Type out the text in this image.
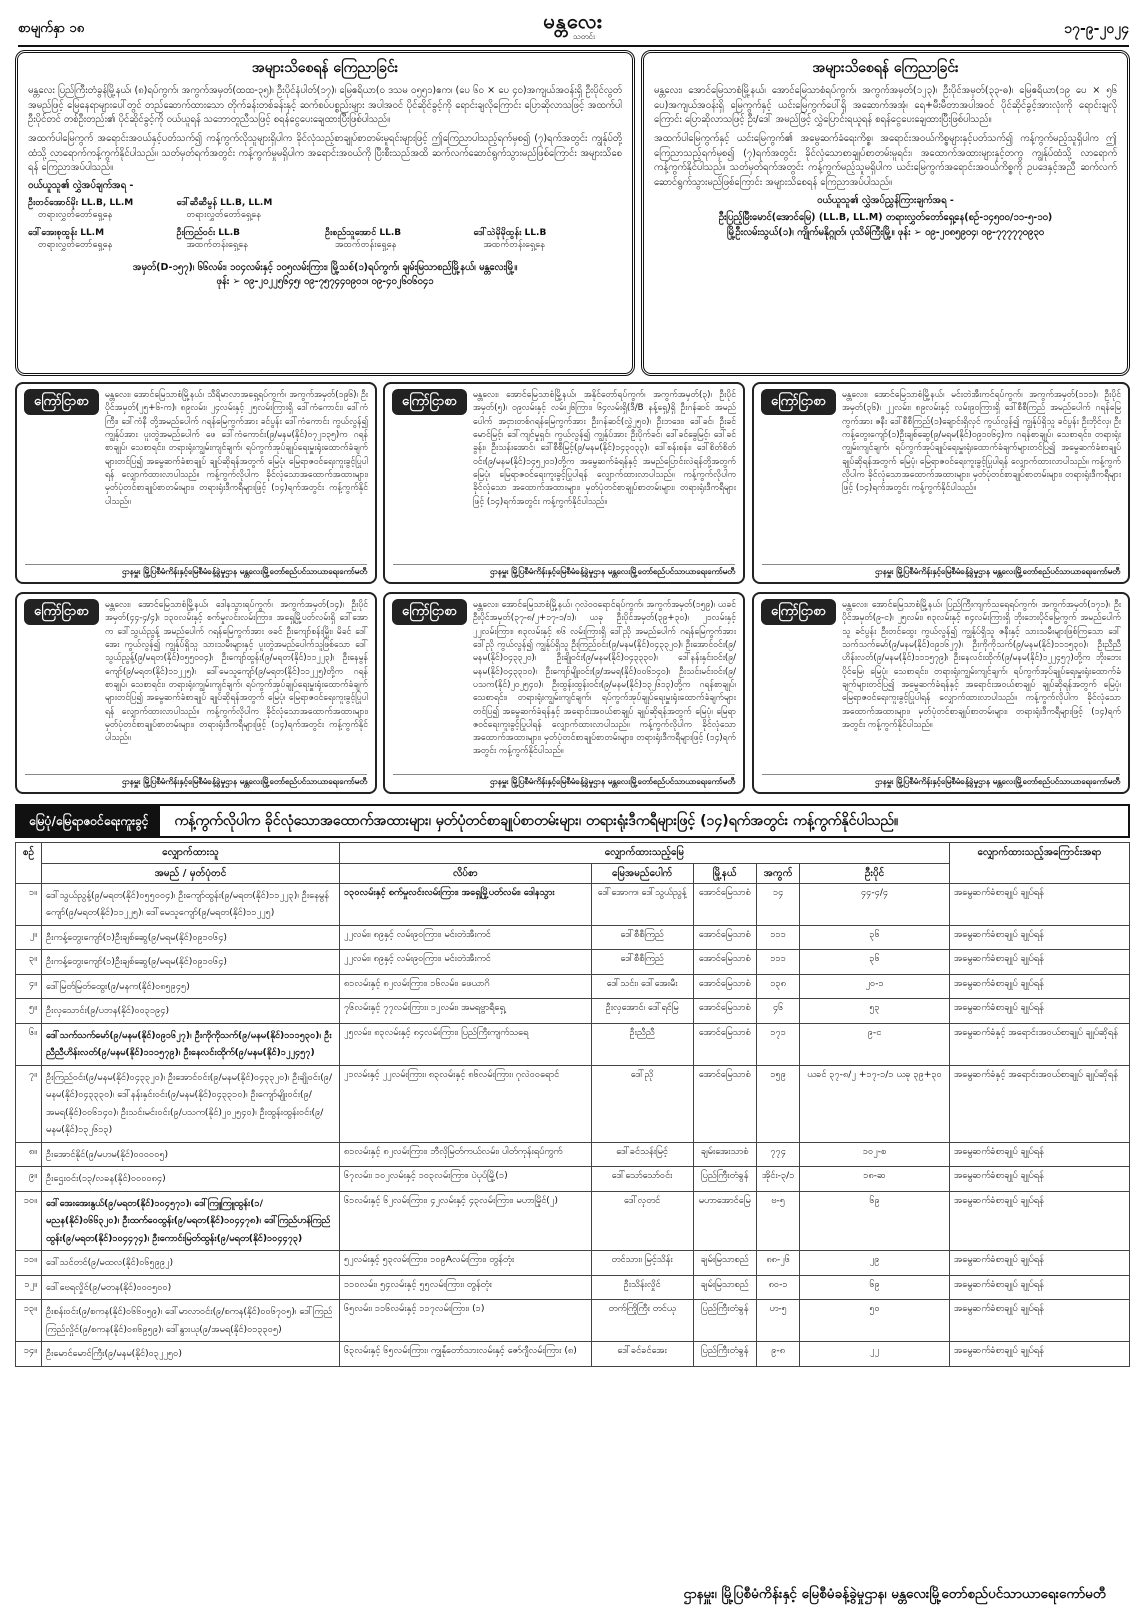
စာမျက်နှာ ၁၈	မန္တလေး
သတင်း	၁၇-၉-၂၀၂၄
အများသိစေရန် ကြေညာခြင်း

မန္တလေး ပြည်ကြီးတံခွန်မြို့နယ်၊ (၈)ရပ်ကွက်၊ အကွက်အမှတ်(ထထ-၃၅)၊ ဦးပိုင်နံပါတ်(၁၇)၊ မြေဧရိယာ(၀ ဒသမ ၀၅၅၁)ဧက၊ (ပေ ၆၀ × ပေ ၄၀)အကျယ်အဝန်းရှိ ဦးပိုင်လွတ် အမည်ဖြင့် မြေနေရာများပေါ်တွင် တည်ဆောက်ထားသော တိုက်ခန်းတစ်ခန်းနှင့် ဆက်စပ်ပစ္စည်းများ အပါအဝင် ပိုင်ဆိုင်ခွင့်ကို ရောင်းချလိုကြောင်း ပြောဆိုလာသဖြင့် အထက်ပါ ဦးပိုင်တင် တစ်ဦးတည်း၏ ပိုင်ဆိုင်ခွင့်ကို ဝယ်ယူရန် သဘောတူညီသဖြင့် စရန်ငွေပေးချေထားပြီးဖြစ်ပါသည်။

အထက်ပါမြေကွက် အရောင်းအဝယ်နှင့်ပတ်သက်၍ ကန့်ကွက်လိုသူများရှိပါက ခိုင်လုံသည့်စာချုပ်စာတမ်းမူရင်းများဖြင့် ဤကြေညာပါသည့်ရက်မှစ၍ (၇)ရက်အတွင်း ကျွန်ုပ်တို့ထံသို့ လာရောက်ကန့်ကွက်နိုင်ပါသည်။ သတ်မှတ်ရက်အတွင်း ကန့်ကွက်မှုမရှိပါက အရောင်းအဝယ်ကို ပြီးစီးသည်အထိ ဆက်လက်ဆောင်ရွက်သွားမည်ဖြစ်ကြောင်း အများသိစေရန် ကြေညာအပ်ပါသည်။

ဝယ်ယူသူ၏ လွှဲအပ်ချက်အရ -
ဦးတင်အောင်မိုး LL.B, LL.M
တရားလွှတ်တော်ရှေ့နေ
ဒေါ်ဆီဆီမွန် LL.B, LL.M
တရားလွှတ်တော်ရှေ့နေ
ဒေါ်အေးစုထွန်း LL.M
တရားလွှတ်တော်ရှေ့နေ
ဦးကြည်ဝင်း LL.B
အထက်တန်းရှေ့နေ
ဦးစည်သူအောင် LL.B
အထက်တန်းရှေ့နေ
ဒေါ်သဲမိုမိုထွန်း LL.B
အထက်တန်းရှေ့နေ
အမှတ်(D-၁၅၇)၊ ၆၆လမ်း၊ ၁၀၄လမ်းနှင့် ၁၀၅လမ်းကြား၊ မြို့သစ်(၁)ရပ်ကွက်၊ ချမ်းမြသာစည်မြို့နယ်၊ မန္တလေးမြို့။
ဖုန်း ➢ ၀၉-၂၀၂၂၅၆၄၅၊ ၀၉-၇၅၇၄၄၀၉၀၁၊ ၀၉-၄၀၂၆၀၆၀၄၁
အများသိစေရန် ကြေညာခြင်း

မန္တလေး၊ အောင်မြေသာစံမြို့နယ်၊ အောင်မြေသာစံရပ်ကွက်၊ အကွက်အမှတ်(၁၂၃)၊ ဦးပိုင်အမှတ်(၃၃-ဓ)၊ မြေဧရိယာ(၁၉ ပေ × ၅၆ ပေ)အကျယ်အဝန်းရှိ မြေကွက်နှင့် ယင်းမြေကွက်ပေါ်ရှိ အဆောက်အအုံ၊ ရေ+မီးမီတာအပါအဝင် ပိုင်ဆိုင်ခွင့်အားလုံးကို ရောင်းချလိုကြောင်း ပြောဆိုလာသဖြင့် ဦး/ဒေါ် အမည်ဖြင့် လွှဲပြောင်းရယူရန် စရန်ငွေပေးချေထားပြီးဖြစ်ပါသည်။

အထက်ပါမြေကွက်နှင့် ယင်းမြေကွက်၏ အမွေဆက်ခံရေးကိစ္စ၊ အရောင်းအဝယ်ကိစ္စများနှင့်ပတ်သက်၍ ကန့်ကွက်မည့်သူရှိပါက ဤကြေညာသည့်ရက်မှစ၍ (၇)ရက်အတွင်း ခိုင်လုံသောစာချုပ်စာတမ်းမူရင်း၊ အထောက်အထားများနှင့်တကွ ကျွန်ုပ်ထံသို့ လာရောက်ကန့်ကွက်နိုင်ပါသည်။ သတ်မှတ်ရက်အတွင်း ကန့်ကွက်မည့်သူမရှိပါက ယင်းမြေကွက်အရောင်းအဝယ်ကိစ္စကို ဥပဒေနှင့်အညီ ဆက်လက်ဆောင်ရွက်သွားမည်ဖြစ်ကြောင်း အများသိစေရန် ကြေညာအပ်ပါသည်။

ဝယ်ယူသူ၏ လွှဲအပ်ညွှန်ကြားချက်အရ -
ဦးပြည့်မြီးမောင်(အောင်မြေ) (LL.B, LL.M) တရားလွှတ်တော်ရှေ့နေ(စဉ်-၁၄၅၀၀/၁၁-၅-၁၀)
မြို့ဦးလမ်းသွယ်(၁)၊ ကျိုက်မနိုဂ္ဂုတ်၊ ပုသိမ်ကြီးမြို့။ ဖုန်း ➢ ၀၉-၂၀၈၅၉၀၄၊ ၀၉-၇၇၇၇၇၀၉၃၀
ကြော်ငြာစာ	မန္တလေး၊ အောင်မြေသာစံမြို့နယ်၊ သီရိမာလာအရှေ့ရပ်ကွက်၊ အကွက်အမှတ်(၁၉၆)၊ ဦးပိုင်အမှတ်(၂၅+၆-က)၊ ၈၉လမ်း၊ ၂၄လမ်းနှင့် ၂၅လမ်းကြားရှိ ဒေါ်ကံကောင်း၊ ဒေါ်ကံကြီး၊ ဒေါ်ကံနီ တို့အမည်ပေါက် ဂရန်မြေကွက်အား ခင်ပွန်း ဒေါ်ကံကောင်း ကွယ်လွန်၍ ကျွန်ုပ်အား ပူးတွဲအမည်ပေါက် ဖေ ဒေါ်ကံကောင်း(၉/မနမ(နိုင်)၀၇၂၁၃၅)က ဂရန်စာချုပ်၊ သေစာရင်း၊ တရားရုံးကျွမ်းကျင်ချက်၊ ရပ်ကွက်အုပ်ချုပ်ရေးမှူးရုံးထောက်ခံချက်များတင်ပြ၍ အမွေဆက်ခံစာချုပ် ချုပ်ဆိုရန်အတွက် မြေပုံ၊ မြေရာဇဝင်ရေးကူးခွင့်ပြုပါရန် လျှောက်ထားလာပါသည်။ ကန့်ကွက်လိုပါက ခိုင်လုံသောအထောက်အထားများ၊ မှတ်ပုံတင်စာချုပ်စာတမ်းများ၊ တရားရုံးဒီကရီများဖြင့် (၁၄)ရက်အတွင်း ကန့်ကွက်နိုင်ပါသည်။
ဌာနမှူး မြို့ပြစီမံကိန်းနှင့်မြေစီမံခန့်ခွဲမှုဌာန မန္တလေးမြို့တော်စည်ပင်သာယာရေးကော်မတီ
ကြော်ငြာစာ	မန္တလေး၊ အောင်မြေသာစံမြို့နယ်၊ အနိုင်တော်ရပ်ကွက်၊ အကွက်အမှတ်(၃)၊ ဦးပိုင်အမှတ်(၅)၊ ၀၉လမ်းနှင့် လမ်း၂၆ကြား၊ ၆၄လမ်းရှိ(ဒီ/B နန့်ရှေ့)ရှိ ဦးဂန်ဆင် အမည်ပေါက် အငှားတစ်ဂရန်မြေကွက်အား ဦးဂန်ဆင်(လွှဲ၂၅၀)၊ ဦးဘဒေး၊ ဒေါ်ခင်၊ ဦးခင်မောင်မြင့်၊ ဒေါ်ကျင်မှုရှင်၊ ကွယ်လွန်၍ ကျွန်ုပ်အား ဦးပိုက်ခင်၊ ဒေါ်ခင်ခွေမြင့်၊ ဒေါ်ခင်ခွန်း၊ ဦးသန်းအောင်၊ ဒေါ်စီစီမြင့်(၉/မနမ(နိုင်)၁၄၃၀၃၃)၊ ဒေါ်စန်းစန်း၊ ဒေါ်စိတ်စိတ်ဝင်း(၉/မနမ(နိုင်)၁၄၅၂၀၁)တို့က အမွေဆက်ခံရန်နှင့် အမည်ပြောင်းလဲရန်တို့အတွက် မြေပုံ၊ မြေရာဇဝင်ရေးကူးခွင့်ပြုပါရန် လျှောက်ထားလာပါသည်။ ကန့်ကွက်လိုပါက ခိုင်လုံသော အထောက်အထားများ၊ မှတ်ပုံတင်စာချုပ်စာတမ်းများ၊ တရားရုံးဒီကရီများဖြင့် (၁၄)ရက်အတွင်း ကန့်ကွက်နိုင်ပါသည်။
ဌာနမှူး မြို့ပြစီမံကိန်းနှင့်မြေစီမံခန့်ခွဲမှုဌာန မန္တလေးမြို့တော်စည်ပင်သာယာရေးကော်မတီ
ကြော်ငြာစာ	မန္တလေး၊ အောင်မြေသာစံမြို့နယ်၊ မင်းတဲအီးကင်ရပ်ကွက်၊ အကွက်အမှတ်(၁၁၁)၊ ဦးပိုင်အမှတ်(၃၆)၊ ၂၂လမ်း၊ ၈၉လမ်းနှင့် လမ်း၉၀ကြားရှိ ဒေါ်စီစီကြည် အမည်ပေါက် ဂရန်မြေကွက်အား ဇနီး ဒေါ်စီစီကြည်(၁)ချောင်းရှိလှင် ကွယ်လွန်၍ ကျွန်ုပ်ရှိသူ ခင်ပွန်း ဦးဘိုင်လှ၊ ဦးကန့်တွေးကျော်(၁)ဦးချစ်ဆွေ(၉/မရမ(နိုင်)၀၉၁၀၆၄)က ဂရန်စာချုပ်၊ သေစာရင်း၊ တရားရုံးကျွမ်းကျင်ချက်၊ ရပ်ကွက်အုပ်ချုပ်ရေးမှူးရုံးထောက်ခံချက်များတင်ပြ၍ အမွေဆက်ခံစာချုပ် ချုပ်ဆိုရန်အတွက် မြေပုံ၊ မြေရာဇဝင်ရေးကူးခွင့်ပြုပါရန် လျှောက်ထားလာပါသည်။ ကန့်ကွက်လိုပါက ခိုင်လုံသောအထောက်အထားများ၊ မှတ်ပုံတင်စာချုပ်စာတမ်းများ၊ တရားရုံးဒီကရီများဖြင့် (၁၄)ရက်အတွင်း ကန့်ကွက်နိုင်ပါသည်။
ဌာနမှူး မြို့ပြစီမံကိန်းနှင့်မြေစီမံခန့်ခွဲမှုဌာန မန္တလေးမြို့တော်စည်ပင်သာယာရေးကော်မတီ
ကြော်ငြာစာ	မန္တလေး၊ အောင်မြေသာစံမြို့နယ်၊ ဒေါနသွားရပ်ကွက်၊ အကွက်အမှတ်(၁၄)၊ ဦးပိုင်အမှတ်(၄၄-၄/၄)၊ ၁၃၀လမ်းနှင့် စက်မှုလင်းလမ်းကြား၊ အရှေ့မြို့ပတ်လမ်းရှိ ဒေါ်အောက ဒေါ်သွယ်ညွန့် အမည်ပေါက် ဂရန်မြေကွက်အား ဖခင် ဦးကျော်စန်းမြိုး၊ မိခင် ဒေါ်အေး ကွယ်လွန်၍ ကျွန်ုပ်ရှိသူ သားသမီးများနှင့် ပူးတွဲအမည်ပေါက်သူဖြစ်သော ဒေါ်သွယ်ညွန့်(၉/မရတ(နိုင်)၀၅၅၀၀၄)၊ ဦးကျော်ထွန်း(၉/မရတ(နိုင်)၁၁၂၂၃)၊ ဦးနေမွန်ကျော်(၉/မရတ(နိုင်)၁၁၂၂၅)၊ ဒေါ်မေသူကျော်(၉/မရတ(နိုင်)၁၁၂၂၅)တို့က ဂရန်စာချုပ်၊ သေစာရင်း၊ တရားရုံးကျွမ်းကျင်ချက်၊ ရပ်ကွက်အုပ်ချုပ်ရေးမှူးရုံးထောက်ခံချက် များတင်ပြ၍ အမွေဆက်ခံစာချုပ် ချုပ်ဆိုရန်အတွက် မြေပုံ၊ မြေရာဇဝင်ရေးကူးခွင့်ပြုပါရန် လျှောက်ထားလာပါသည်။ ကန့်ကွက်လိုပါက ခိုင်လုံသောအထောက်အထားများ၊ မှတ်ပုံတင်စာချုပ်စာတမ်းများ၊ တရားရုံးဒီကရီများဖြင့် (၁၄)ရက်အတွင်း ကန့်ကွက်နိုင်ပါသည်။
ဌာနမှူး မြို့ပြစီမံကိန်းနှင့်မြေစီမံခန့်ခွဲမှုဌာန မန္တလေးမြို့တော်စည်ပင်သာယာရေးကော်မတီ
ကြော်ငြာစာ	မန္တလေး၊ အောင်မြေသာစံမြို့နယ်၊ ဂုလဲဝဝရောင်ရပ်ကွက်၊ အကွက်အမှတ်(၁၅၉)၊ ယခင် ဦးပိုင်အမှတ်(၃၇-၈/၂+၁၇-၁/၁)၊ ယခု ဦးပိုင်အမှတ်(၃၉+၃၀)၊ ၂၁လမ်းနှင့် ၂၂လမ်းကြား၊ ၈၃လမ်းနှင့် ၈၆ လမ်းကြားရှိ ဒေါ်ညို အမည်ပေါက် ဂရန်မြေကွက်အား ဒေါ်ညို ကွယ်လွန်၍ ကျွန်ုပ်ရှိသူ ဦးကြည်ဝင်း(၉/မနမ(နိုင်)၀၄၃၃၂၀)၊ ဦးအောင်ဝင်း(၉/မနမ(နိုင်)၀၄၃၃၂၀)၊ ဦးချိုဝင်း(၉/မနမ(နိုင်)၀၄၃၃၃၀)၊ ဒေါ်နန်းနှင်းဝင်း(၉/မနမ(နိုင်)၀၄၃၃၁၀)၊ ဦးကျော်မျိုးဝင်း(၉/အမရ(နိုင်)၀၀၆၁၄၀)၊ ဦးသင်းမင်းဝင်း(၉/ပသက(နိုင်)၂၀၂၅၄၀)၊ ဦးထွန်းထွန်းဝင်း(၉/မနမ(နိုင်)၁၃၂၆၁၃)တို့က ဂရန်စာချုပ်၊ သေစာရင်း၊ တရားရုံးကျွမ်းကျင်ချက်၊ ရပ်ကွက်အုပ်ချုပ်ရေးမှူးရုံးထောက်ခံချက်များတင်ပြ၍ အမွေဆက်ခံရန်နှင့် အရောင်းအဝယ်စာချုပ် ချုပ်ဆိုရန်အတွက် မြေပုံ၊ မြေရာဇဝင်ရေးကူးခွင့်ပြုပါရန် လျှောက်ထားလာပါသည်။ ကန့်ကွက်လိုပါက ခိုင်လုံသောအထောက်အထားများ၊ မှတ်ပုံတင်စာချုပ်စာတမ်းများ၊ တရားရုံးဒီကရီများဖြင့် (၁၄)ရက်အတွင်း ကန့်ကွက်နိုင်ပါသည်။
ဌာနမှူး မြို့ပြစီမံကိန်းနှင့်မြေစီမံခန့်ခွဲမှုဌာန မန္တလေးမြို့တော်စည်ပင်သာယာရေးကော်မတီ
ကြော်ငြာစာ	မန္တလေး၊ အောင်မြေသာစံမြို့နယ်၊ ပြည်ကြီးကျက်သရေရပ်ကွက်၊ အကွက်အမှတ်(၁၇၁)၊ ဦးပိုင်အမှတ်(၉-င)၊ ၂၅လမ်း၊ ၈၃လမ်းနှင့် ၈၄လမ်းကြားရှိ ဘိုးဘေးပိုင်မြေကွက် အမည်ပေါက်သူ ခင်ပွန်း ဦးတင်ထွေး ကွယ်လွန်၍ ကျွန်ုပ်ရှိသူ ဇနီးနှင့် သားသမီးများဖြစ်ကြသော ဒေါ်သက်သက်မော်(၉/မနမ(နိုင်)၀၉၁၆၂၇)၊ ဦးကိုကိုသက်(၉/မနမ(နိုင်)၁၁၁၅၃၀)၊ ဦးညီညီဟိန်းလတ်(၉/မနမ(နိုင်)၁၁၁၅၇၉)၊ ဦးနေလင်းထိုက်(၉/မနမ(နိုင်)၁၂၂၄၅၇)တို့က ဘိုးဘေးပိုင်မြေ၊ မြေပုံ၊ သေစာရင်း၊ တရားရုံးကျွမ်းကျင်ချက်၊ ရပ်ကွက်အုပ်ချုပ်ရေးမှူးရုံးထောက်ခံချက်များတင်ပြ၍ အမွေဆက်ခံရန်နှင့် အရောင်းအဝယ်စာချုပ် ချုပ်ဆိုရန်အတွက် မြေပုံ၊ မြေရာဇဝင်ရေးကူးခွင့်ပြုပါရန် လျှောက်ထားလာပါသည်။ ကန့်ကွက်လိုပါက ခိုင်လုံသောအထောက်အထားများ၊ မှတ်ပုံတင်စာချုပ်စာတမ်းများ၊ တရားရုံးဒီကရီများဖြင့် (၁၄)ရက်အတွင်း ကန့်ကွက်နိုင်ပါသည်။
ဌာနမှူး မြို့ပြစီမံကိန်းနှင့်မြေစီမံခန့်ခွဲမှုဌာန မန္တလေးမြို့တော်စည်ပင်သာယာရေးကော်မတီ
မြေပုံ/မြေရာဇဝင်ရေးကူးခွင့်	ကန့်ကွက်လိုပါက ခိုင်လုံသောအထောက်အထားများ၊ မှတ်ပုံတင်စာချုပ်စာတမ်းများ၊ တရားရုံးဒီကရီများဖြင့် (၁၄)ရက်အတွင်း ကန့်ကွက်နိုင်ပါသည်။
စဉ်	လျှောက်ထားသူ	လျှောက်ထားသည့်မြေ					လျှောက်ထားသည့်အကြောင်းအရာ
	အမည် / မှတ်ပုံတင်	လိပ်စာ	မြေအမည်ပေါက်	မြို့နယ်	အကွက်	ဦးပိုင်	
၁။	ဒေါ်သွယ်ညွန့်(၉/မရတ(နိုင်)၀၅၅၀၀၄)၊ ဦးကျော်ထွန်း(၉/မရတ(နိုင်)၁၁၂၂၃)၊ ဦးနေမွန်ကျော်(၉/မရတ(နိုင်)၁၁၂၂၅)၊ ဒေါ်မေသူကျော်(၉/မရတ(နိုင်)၁၁၂၂၅)	၁၃၀လမ်းနှင့် စက်မှုလင်းလမ်းကြား၊ အရှေ့မြို့ပတ်လမ်း၊ ဒေါနသွား	ဒေါ်အောက၊ ဒေါ်သွယ်ညွန့်	အောင်မြေသာစံ	၁၄	၄၄-၄/၄	အမွေဆက်ခံစာချုပ် ချုပ်ရန်
၂။	ဦးကန့်တွေးကျော်(၁)ဦးချစ်ဆွေ(၉/မရမ(နိုင်)၀၉၁၀၆၄)	၂၂လမ်း၊ ၈၉နှင့် လမ်း၉၀ကြား၊ မင်းတဲအီးကင်	ဒေါ်စီစီကြည်	အောင်မြေသာစံ	၁၁၁	၃၆	အမွေဆက်ခံစာချုပ် ချုပ်ရန်
၃။	ဦးကန့်တွေးကျော်(၁)ဦးချစ်ဆွေ(၉/မရမ(နိုင်)၀၉၁၀၆၄)	၂၂လမ်း၊ ၈၉နှင့် လမ်း၉၀ကြား၊ မင်းတဲအီးကင်	ဒေါ်စီစီကြည်	အောင်မြေသာစံ	၁၁၁	၃၆	အမွေဆက်ခံစာချုပ် ချုပ်ရန်
၄။	ဒေါ်မြတ်မြတ်ထွေး(၉/မနက(နိုင်)၀၈၅၉၄၅)	၈၁လမ်းနှင့် ၈၂လမ်းကြား၊ ၁၆လမ်း၊ ဖေယာဂိ	ဒေါ်သင်း၊ ဒေါ်အေးမီး	အောင်မြေသာစံ	၁၃၈	၂၀-၁	အမွေဆက်ခံစာချုပ် ချုပ်ရန်
၅။	ဦးလှသောင်း(၉/ပဘန(နိုင်)၀၀၃၁၉၄)	၇၆လမ်းနှင့် ၇၇လမ်းကြား၊ ၁၂လမ်း၊ အမရဗ္ဗာရီရှေ့	ဦးလှအောင်၊ ဒေါ်ရင်မြ	အောင်မြေသာစံ	၄၆	၅၃	အမွေဆက်ခံစာချုပ် ချုပ်ရန်
၆။	ဒေါ်သက်သက်မော်(၉/မနမ(နိုင်)၀၉၁၆၂၇)၊ ဦးကိုကိုသက်(၉/မနမ(နိုင်)၁၁၁၅၃၀)၊ ဦးညီညီဟိန်းလတ်(၉/မနမ(နိုင်)၁၁၁၅၇၉)၊ ဦးနေလင်းထိုက်(၉/မနမ(နိုင်)၁၂၂၄၅၇)	၂၅လမ်း၊ ၈၃လမ်းနှင့် ၈၄လမ်းကြား၊ ပြည်ကြီးကျက်သရေ	ဦးညီညီ	အောင်မြေသာစံ	၁၇၁	၉-င	အမွေဆက်ခံနှင့် အရောင်းအဝယ်စာချုပ် ချုပ်ဆိုရန်
၇။	ဦးကြည်ဝင်း(၉/မနမ(နိုင်)၀၄၃၃၂၀)၊ ဦးအောင်ဝင်း(၉/မနမ(နိုင်)၀၄၃၃၂၀)၊ ဦးချိုဝင်း(၉/မနမ(နိုင်)၀၄၃၃၃၀)၊ ဒေါ်နန်းနှင်းဝင်း(၉/မနမ(နိုင်)၀၄၃၃၁၀)၊ ဦးကျော်မျိုးဝင်း(၉/အမရ(နိုင်)၀၀၆၁၄၀)၊ ဦးသင်းမင်းဝင်း(၉/ပသက(နိုင်)၂၀၂၅၄၀)၊ ဦးထွန်းထွန်းဝင်း(၉/မနမ(နိုင်)၁၃၂၆၁၃)	၂၁လမ်းနှင့် ၂၂လမ်းကြား၊ ၈၃လမ်းနှင့် ၈၆လမ်းကြား၊ ဂုလဲဝဝရောင်	ဒေါ်ညို	အောင်မြေသာစံ	၁၅၉	ယခင် ၃၇-၈/၂ +၁၇-၁/၁ ယခု ၃၉+၃၀	အမွေဆက်ခံနှင့် အရောင်းအဝယ်စာချုပ် ချုပ်ဆိုရန်
၈။	ဦးအောင်နိုင်(၉/မဟမ(နိုင်)၀၀၀၀၀၅)	၈၁လမ်းနှင့် ၈၂လမ်းကြား၊ ဘီလိုမြတ်ကယ်လမ်း၊ ပါတ်ကုန်းရပ်ကွက်	ဒေါ်ခင်သန်းမြင့်	ချမ်းအေးသာစံ	၇၇၄	၁၀၂-စ	အမွေဆက်ခံစာချုပ် ချုပ်ရန်
၉။	ဦးဌေးဝင်း(၁၃/လခန(နိုင်)၀၀၀၀၈၄)	၆၇လမ်း၊ ၁၀၂လမ်းနှင့် ၁၀၃လမ်းကြား၊ ပဲပုပ်မြို့(၁)	ဒေါ်သော်သော်ဝင်း	ပြည်ကြီးတံခွန်	အိုင်း-၃/၁	၁၈-ဆ	အမွေဆက်ခံစာချုပ် ချုပ်ရန်
၁၀။	ဒေါ်အေးအေးနွယ်(၉/မရတ(နိုင်)၁၀၄၅၇၁)၊ ဒေါ်ကြူကြူထွန်း(၁/မညန(နိုင်)၀၆၆၃၂၀)၊ ဦးထက်ဝေထွန်း(၉/မရတ(နိုင်)၁၀၄၄၇၈)၊ ဒေါ်ကြည်ဟန်ကြည်ထွန်း(၉/မရတ(နိုင်)၁၀၄၄၇၄)၊ ဦးကောင်းမြတ်ထွန်း(၉/မရတ(နိုင်)၁၀၄၄၇၃)	၆၁လမ်းနှင့် ၆၂လမ်းကြား၊ ၄၂လမ်းနှင့် ၄၃လမ်းကြား၊ မဟာမြိုင်(၂)	ဒေါ်လှတင်	မဟာအောင်မြေ	ဗ-၅	၆၉	အမွေဆက်ခံစာချုပ် ချုပ်ရန်
၁၁။	ဒေါ်သင်တင်(၉/မထလ(နိုင်)၀၆၅၉၉၂)	၅၂လမ်းနှင့် ၅၃လမ်းကြား၊ ၁၀၉Aလမ်းကြား၊ တွန်တုံး	တင်သား၊ မြင့်သိန်း	ချမ်းမြသာစည်	၈၈-၂၆	၂၉	အမွေဆက်ခံစာချုပ် ချုပ်ရန်
၁၂။	ဒေါ်ဗေရလှိုင်(၉/မတန(နိုင်)၀၀၀၅၀၀)	၁၁၀လမ်း၊ ၅၄လမ်းနှင့် ၅၅လမ်းကြား၊ တွန်တုံး	ဦးသိန်းလှိုင်	ချမ်းမြသာစည်	၈၀-၁	၆၉	အမွေဆက်ခံစာချုပ် ချုပ်ရန်
၁၃။	ဦးစန်းဝင်း(၉/စကန(နိုင်)၀၆၆၀၅၉)၊ ဒေါ်မာလာဝင်း(၉/စကန(နိုင်)၀၀၆၇၀၅)၊ ဒေါ်ကြည်ကြည်လှိုင်(၉/စကန(နိုင်)၀၈၆၉၅၉)၊ ဒေါ်နွားယု(၉/အမရ(နိုင်)၀၁၃၃၀၅)	၆၅လမ်း၊ ၁၁၆လမ်းနှင့် ၁၁၇လမ်းကြား၊ (၁)	တက်ကြိုကြီး တင်ယု	ပြည်ကြီးတံခွန်	ဟ-၅	၅၀	အမွေဆက်ခံစာချုပ် ချုပ်ရန်
၁၄။	ဦးမောင်မောင်ကြီး(၉/မနမ(နိုင်)၀၃၂၂၅၀)	၆၃လမ်းနှင့် ၆၅လမ်းကြား၊ ကျွန်ုံတော်သားလမ်းနှင့် ဇော်ဂျီလမ်းကြား (၈)	ဒေါ်ခင်ခင်အေး	ပြည်ကြီးတံခွန်	၉-၈	၂၂	အမွေဆက်ခံစာချုပ် ချုပ်ရန်
ဌာနမှူး၊ မြို့ပြစီမံကိန်းနှင့် မြေစီမံခန့်ခွဲမှုဌာန၊ မန္တလေးမြို့တော်စည်ပင်သာယာရေးကော်မတီ
